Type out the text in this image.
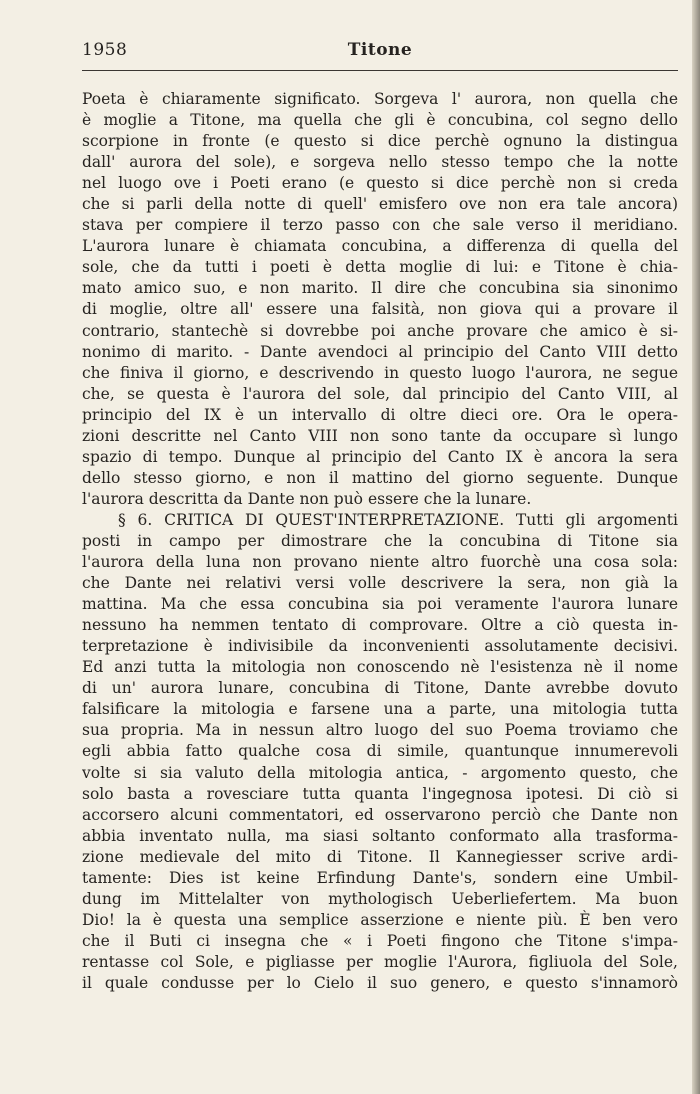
1958	Titone
Poeta è chiaramente significato. Sorgeva l' aurora, non quella che
è moglie a Titone, ma quella che gli è concubina, col segno dello
scorpione in fronte (e questo si dice perchè ognuno la distingua
dall' aurora del sole), e sorgeva nello stesso tempo che la notte
nel luogo ove i Poeti erano (e questo si dice perchè non si creda
che si parli della notte di quell' emisfero ove non era tale ancora)
stava per compiere il terzo passo con che sale verso il meridiano.
L'aurora lunare è chiamata concubina, a differenza di quella del
sole, che da tutti i poeti è detta moglie di lui: e Titone è chia-
mato amico suo, e non marito. Il dire che concubina sia sinonimo
di moglie, oltre all' essere una falsità, non giova qui a provare il
contrario, stantechè si dovrebbe poi anche provare che amico è si-
nonimo di marito. - Dante avendoci al principio del Canto VIII detto
che finiva il giorno, e descrivendo in questo luogo l'aurora, ne segue
che, se questa è l'aurora del sole, dal principio del Canto VIII, al
principio del IX è un intervallo di oltre dieci ore. Ora le opera-
zioni descritte nel Canto VIII non sono tante da occupare sì lungo
spazio di tempo. Dunque al principio del Canto IX è ancora la sera
dello stesso giorno, e non il mattino del giorno seguente. Dunque
l'aurora descritta da Dante non può essere che la lunare.
§ 6. CRITICA DI QUEST'INTERPRETAZIONE. Tutti gli argomenti
posti in campo per dimostrare che la concubina di Titone sia
l'aurora della luna non provano niente altro fuorchè una cosa sola:
che Dante nei relativi versi volle descrivere la sera, non già la
mattina. Ma che essa concubina sia poi veramente l'aurora lunare
nessuno ha nemmen tentato di comprovare. Oltre a ciò questa in-
terpretazione è indivisibile da inconvenienti assolutamente decisivi.
Ed anzi tutta la mitologia non conoscendo nè l'esistenza nè il nome
di un' aurora lunare, concubina di Titone, Dante avrebbe dovuto
falsificare la mitologia e farsene una a parte, una mitologia tutta
sua propria. Ma in nessun altro luogo del suo Poema troviamo che
egli abbia fatto qualche cosa di simile, quantunque innumerevoli
volte si sia valuto della mitologia antica, - argomento questo, che
solo basta a rovesciare tutta quanta l'ingegnosa ipotesi. Di ciò si
accorsero alcuni commentatori, ed osservarono perciò che Dante non
abbia inventato nulla, ma siasi soltanto conformato alla trasforma-
zione medievale del mito di Titone. Il Kannegiesser scrive ardi-
tamente: Dies ist keine Erfindung Dante's, sondern eine Umbil-
dung im Mittelalter von mythologisch Ueberliefertem. Ma buon
Dio! la è questa una semplice asserzione e niente più. È ben vero
che il Buti ci insegna che « i Poeti fingono che Titone s'impa-
rentasse col Sole, e pigliasse per moglie l'Aurora, figliuola del Sole,
il quale condusse per lo Cielo il suo genero, e questo s'innamorò
